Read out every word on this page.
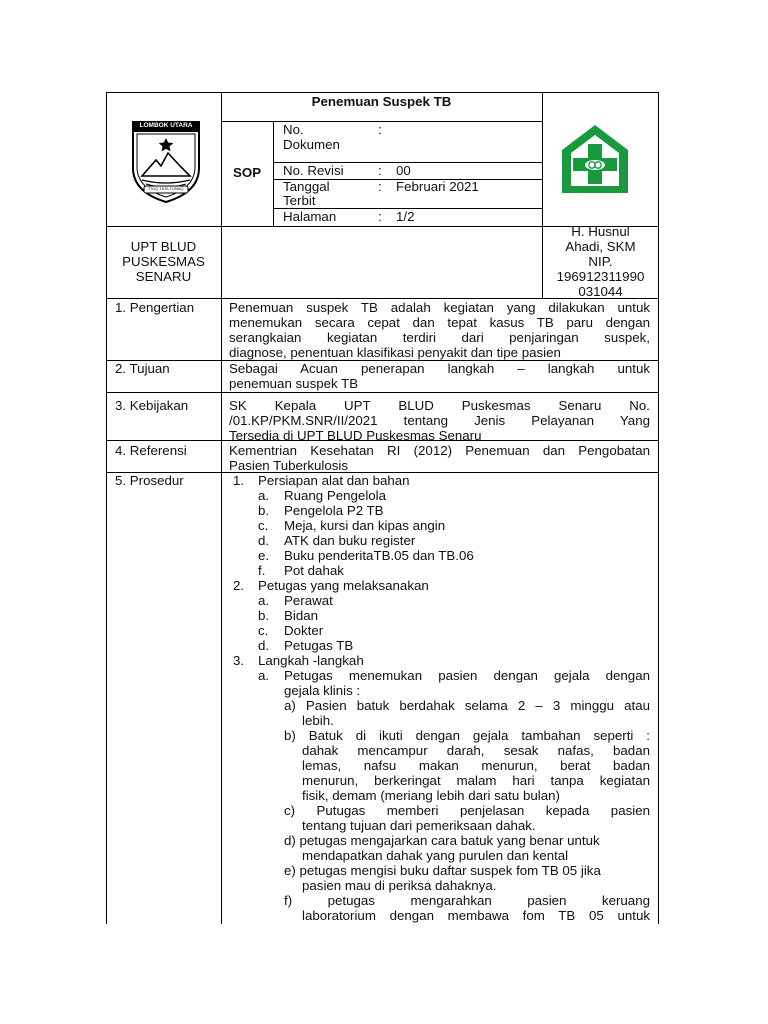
LOMBOK UTARA
TIOQ TATA TUNAQ
Penemuan Suspek TB
SOP
No.
Dokumen
:
No. Revisi	: 00
Tanggal
Terbit
: Februari 2021
Halaman	: 1/2
UPT BLUD
PUSKESMAS
SENARU
H. Husnul
Ahadi, SKM
NIP.
196912311990
031044
1. Pengertian
2. Tujuan
3. Kebijakan
4. Referensi
5. Prosedur
Penemuan suspek TB adalah kegiatan yang dilakukan untuk
menemukan secara cepat dan tepat kasus TB paru dengan
serangkaian kegiatan terdiri dari penjaringan suspek,
diagnose, penentuan klasifikasi penyakit dan tipe pasien
Sebagai Acuan penerapan langkah – langkah untuk
penemuan suspek TB
SK Kepala UPT BLUD Puskesmas Senaru No.
/01.KP/PKM.SNR/II/2021 tentang Jenis Pelayanan Yang
Tersedia di UPT BLUD Puskesmas Senaru
Kementrian Kesehatan RI (2012) Penemuan dan Pengobatan
Pasien Tuberkulosis
1. Persiapan alat dan bahan
a. Ruang Pengelola
b. Pengelola P2 TB
c. Meja, kursi dan kipas angin
d. ATK dan buku register
e. Buku penderitaTB.05 dan TB.06
f. Pot dahak
2. Petugas yang melaksanakan
a. Perawat
b. Bidan
c. Dokter
d. Petugas TB
3. Langkah -langkah
a. Petugas menemukan pasien dengan gejala dengan
gejala klinis :
a) Pasien batuk berdahak selama 2 – 3 minggu atau
lebih.
b) Batuk di ikuti dengan gejala tambahan seperti :
dahak mencampur darah, sesak nafas, badan
lemas, nafsu makan menurun, berat badan
menurun, berkeringat malam hari tanpa kegiatan
fisik, demam (meriang lebih dari satu bulan)
c) Putugas memberi penjelasan kepada pasien
tentang tujuan dari pemeriksaan dahak.
d) petugas mengajarkan cara batuk yang benar untuk
mendapatkan dahak yang purulen dan kental
e) petugas mengisi buku daftar suspek fom TB 05 jika
pasien mau di periksa dahaknya.
f) petugas mengarahkan pasien keruang
laboratorium dengan membawa fom TB 05 untuk
